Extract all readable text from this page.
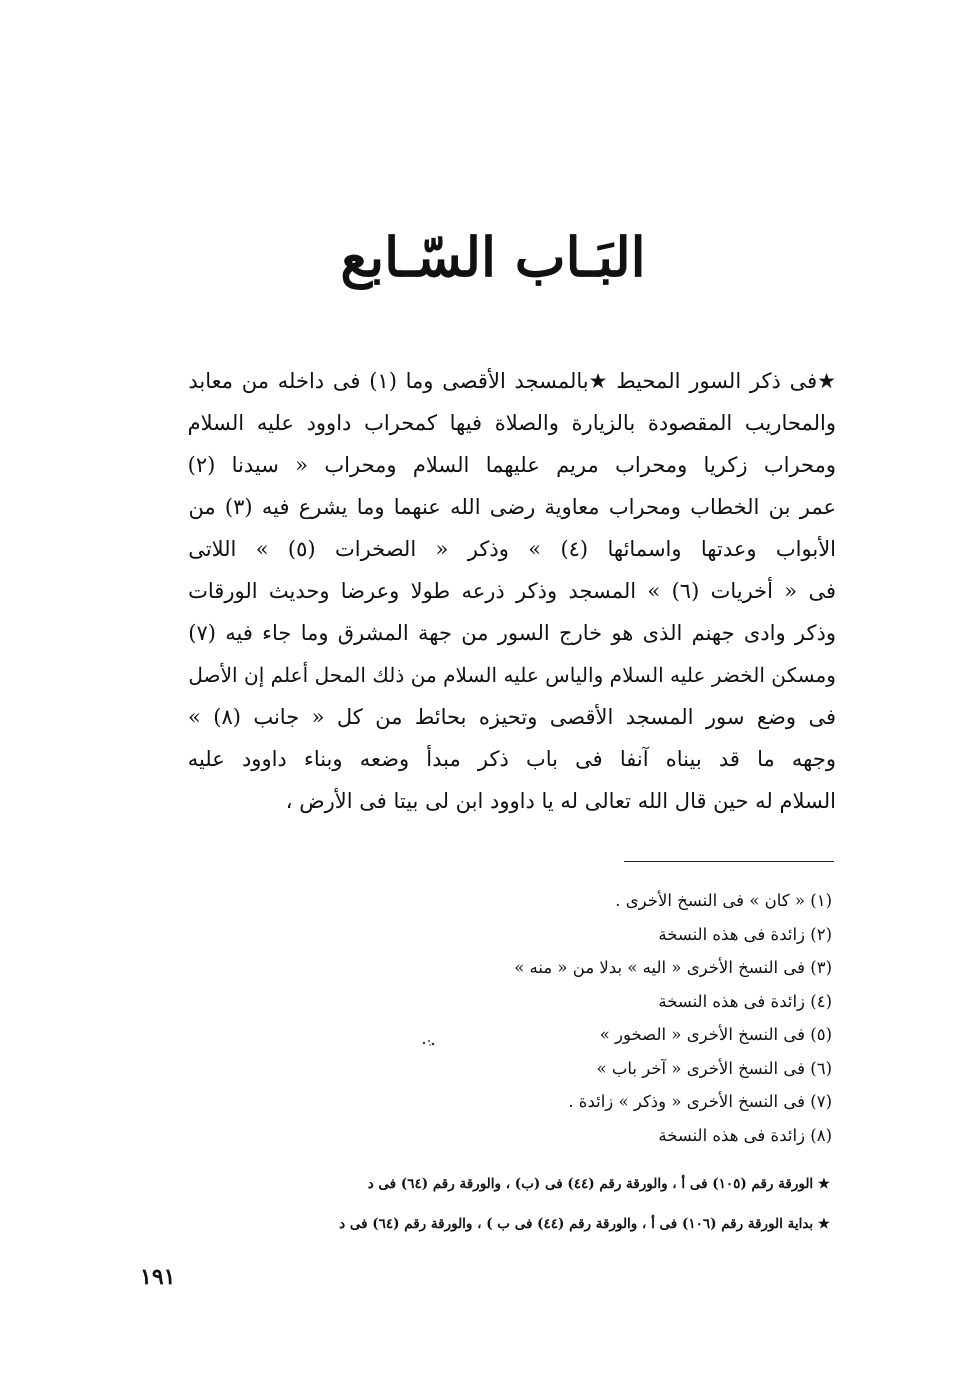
البَـاب السّـابع
★فى ذكر السور المحيط ★بالمسجد الأقصى وما (١) فى داخله من معابد
والمحاريب المقصودة بالزيارة والصلاة فيها كمحراب داوود عليه السلام
ومحراب زكريا ومحراب مريم عليهما السلام ومحراب « سيدنا (٢)
عمر بن الخطاب ومحراب معاوية رضى الله عنهما وما يشرع فيه (٣) من
الأبواب وعدتها واسمائها (٤) » وذكر « الصخرات (٥) » اللاتى
فى « أخريات (٦) » المسجد وذكر ذرعه طولا وعرضا وحديث الورقات
وذكر وادى جهنم الذى هو خارج السور من جهة المشرق وما جاء فيه (٧)
ومسكن الخضر عليه السلام والياس عليه السلام من ذلك المحل أعلم إن الأصل
فى وضع سور المسجد الأقصى وتحيزه بحائط من كل « جانب (٨) »
وجهه ما قد بيناه آنفا فى باب ذكر مبدأ وضعه وبناء داوود عليه
السلام له حين قال الله تعالى له يا داوود ابن لى بيتا فى الأرض ،
(١) « كان » فى النسخ الأخرى .
(٢) زائدة فى هذه النسخة
(٣) فى النسخ الأخرى « اليه » بدلا من « منه »
(٤) زائدة فى هذه النسخة
(٥) فى النسخ الأخرى « الصخور »
(٦) فى النسخ الأخرى « آخر باب »
(٧) فى النسخ الأخرى « وذكر » زائدة .
(٨) زائدة فى هذه النسخة
★ الورقة رقم (١٠٥) فى أ ، والورقة رقم (٤٤) فى (ب) ، والورقة رقم (٦٤) فى د
★ بداية الورقة رقم (١٠٦) فى أ ، والورقة رقم (٤٤) فى ب ) ، والورقة رقم (٦٤) فى د
١٩١
